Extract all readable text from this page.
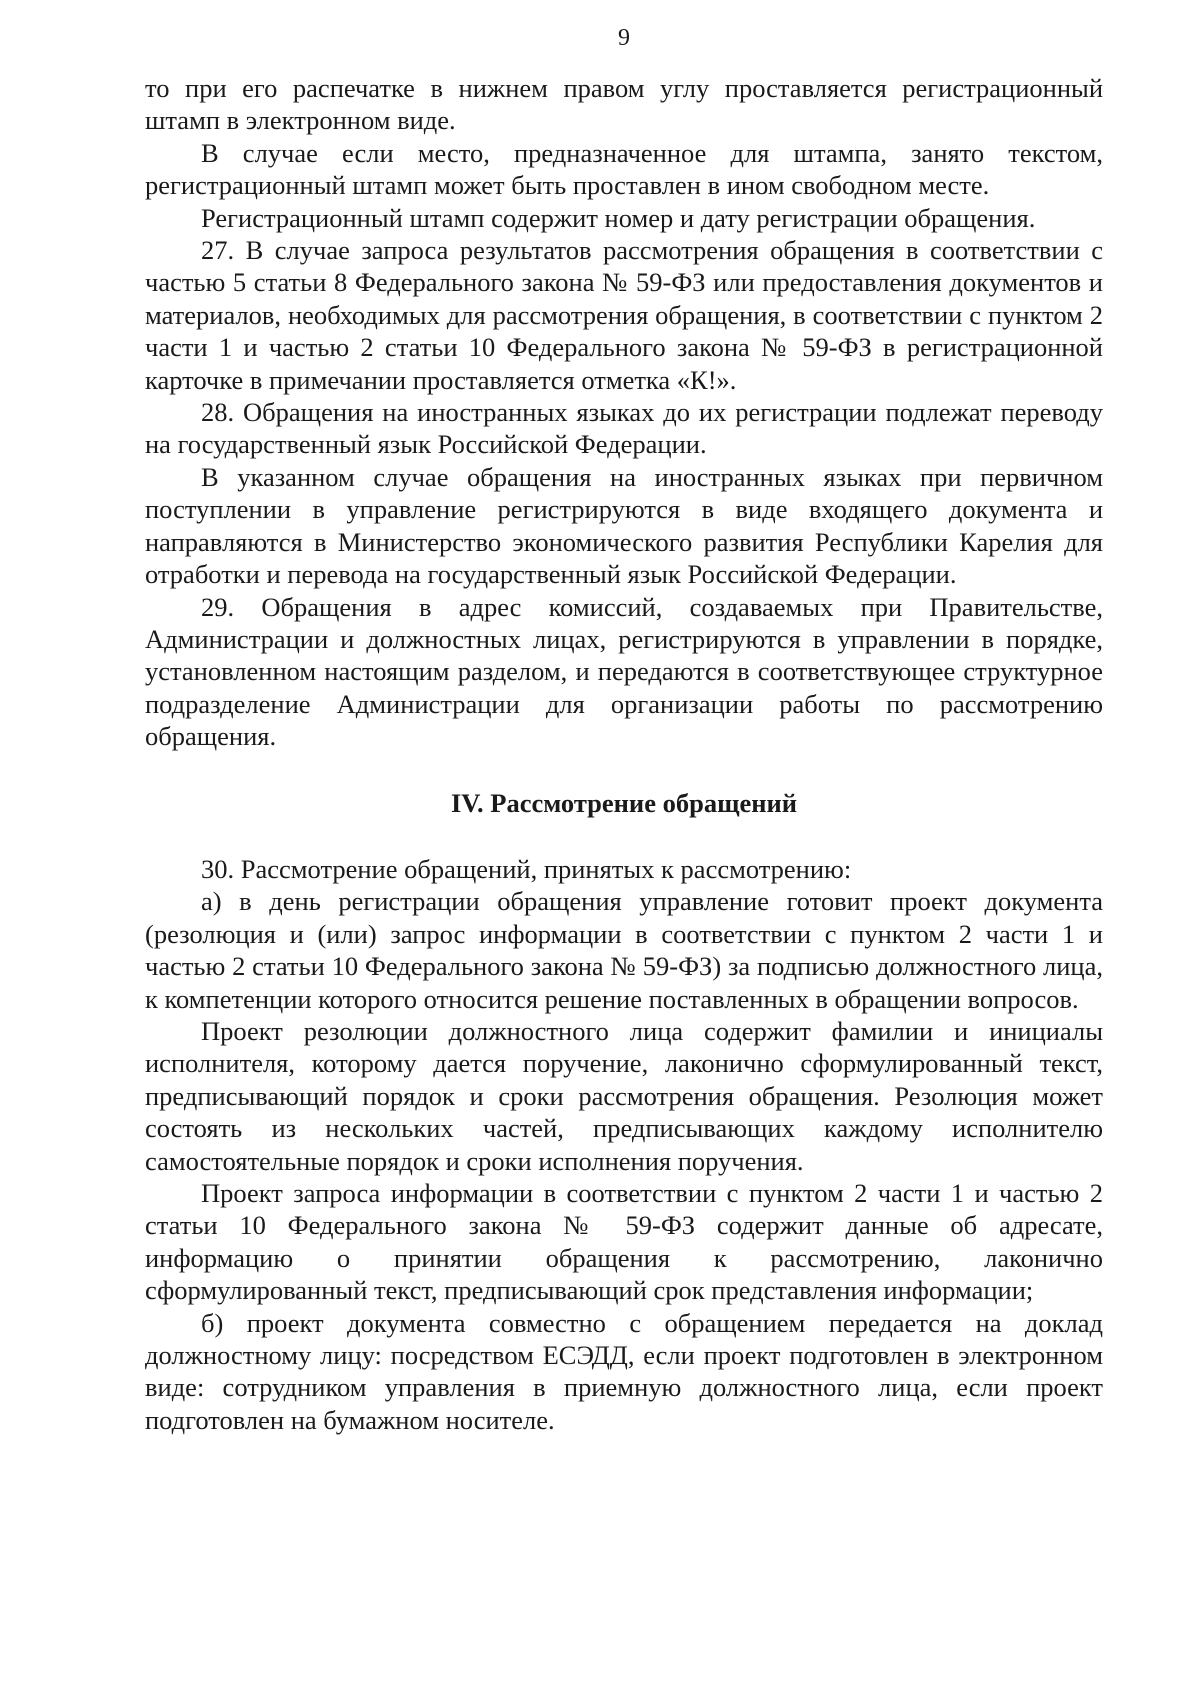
9

то при его распечатке в нижнем правом углу проставляется регистрационный штамп в электронном виде.

В случае если место, предназначенное для штампа, занято текстом, регистрационный штамп может быть проставлен в ином свободном месте.

Регистрационный штамп содержит номер и дату регистрации обращения.

27. В случае запроса результатов рассмотрения обращения в соответствии с частью 5 статьи 8 Федерального закона № 59-ФЗ или предоставления документов и материалов, необходимых для рассмотрения обращения, в соответствии с пунктом 2 части 1 и частью 2 статьи 10 Федерального закона № 59-ФЗ в регистрационной карточке в примечании проставляется отметка «К!».

28. Обращения на иностранных языках до их регистрации подлежат переводу на государственный язык Российской Федерации.

В указанном случае обращения на иностранных языках при первичном поступлении в управление регистрируются в виде входящего документа и направляются в Министерство экономического развития Республики Карелия для отработки и перевода на государственный язык Российской Федерации.

29. Обращения в адрес комиссий, создаваемых при Правительстве, Администрации и должностных лицах, регистрируются в управлении в порядке, установленном настоящим разделом, и передаются в соответствующее структурное подразделение Администрации для организации работы по рассмотрению обращения.

IV. Рассмотрение обращений

30. Рассмотрение обращений, принятых к рассмотрению:

а) в день регистрации обращения управление готовит проект документа (резолюция и (или) запрос информации в соответствии с пунктом 2 части 1 и частью 2 статьи 10 Федерального закона № 59-ФЗ) за подписью должностного лица, к компетенции которого относится решение поставленных в обращении вопросов.

Проект резолюции должностного лица содержит фамилии и инициалы исполнителя, которому дается поручение, лаконично сформулированный текст, предписывающий порядок и сроки рассмотрения обращения. Резолюция может состоять из нескольких частей, предписывающих каждому исполнителю самостоятельные порядок и сроки исполнения поручения.

Проект запроса информации в соответствии с пунктом 2 части 1 и частью 2 статьи 10 Федерального закона № 59-ФЗ содержит данные об адресате, информацию о принятии обращения к рассмотрению, лаконично сформулированный текст, предписывающий срок представления информации;

б) проект документа совместно с обращением передается на доклад должностному лицу: посредством ЕСЭДД, если проект подготовлен в электронном виде: сотрудником управления в приемную должностного лица, если проект подготовлен на бумажном носителе.
